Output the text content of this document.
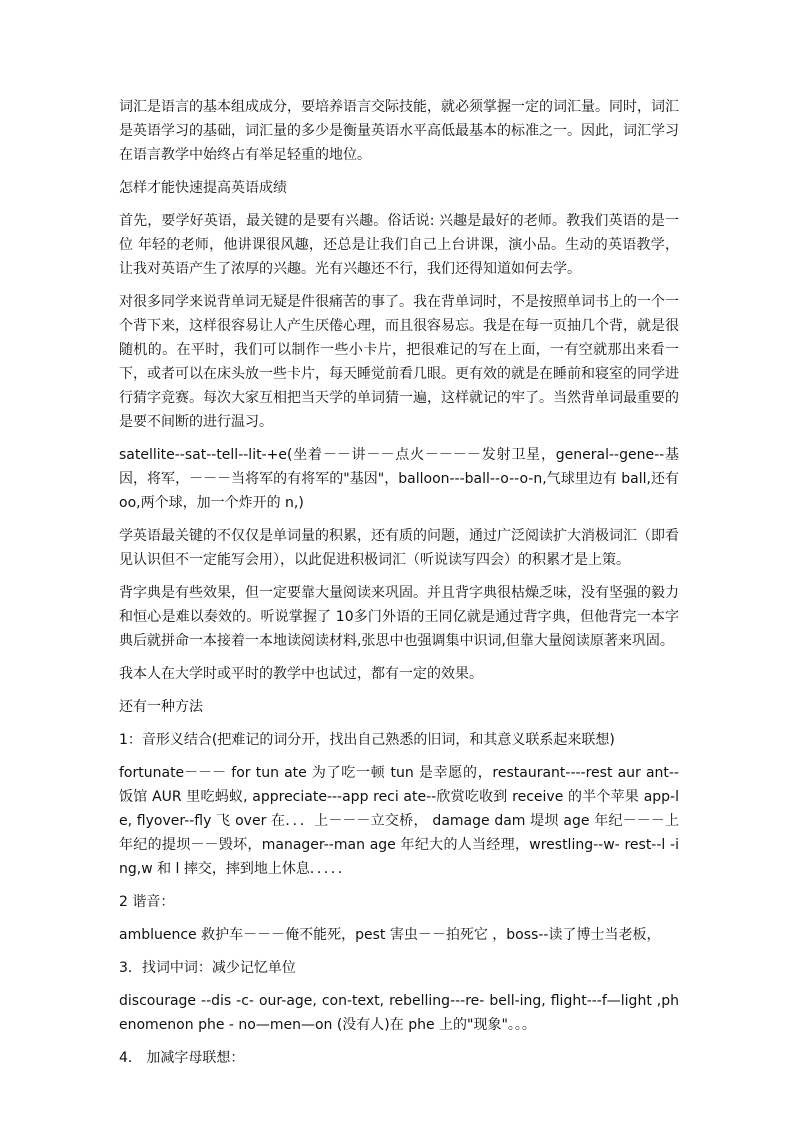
词汇是语言的基本组成成分，要培养语言交际技能，就必须掌握一定的词汇量。同时，词汇是英语学习的基础，词汇量的多少是衡量英语水平高低最基本的标准之一。因此，词汇学习在语言教学中始终占有举足轻重的地位。

怎样才能快速提高英语成绩

首先，要学好英语，最关键的是要有兴趣。俗话说: 兴趣是最好的老师。教我们英语的是一位 年轻的老师，他讲课很风趣，还总是让我们自己上台讲课，演小品。生动的英语教学，让我对英语产生了浓厚的兴趣。光有兴趣还不行，我们还得知道如何去学。

对很多同学来说背单词无疑是件很痛苦的事了。我在背单词时，不是按照单词书上的一个一个背下来，这样很容易让人产生厌倦心理，而且很容易忘。我是在每一页抽几个背，就是很随机的。在平时，我们可以制作一些小卡片，把很难记的写在上面，一有空就那出来看一下，或者可以在床头放一些卡片，每天睡觉前看几眼。更有效的就是在睡前和寝室的同学进行猜字竞赛。每次大家互相把当天学的单词猜一遍，这样就记的牢了。当然背单词最重要的是要不间断的进行温习。

satellite--sat--tell--lit-+e(坐着－－讲－－点火－－－－发射卫星，general--gene--基因，将军，－－－当将军的有将军的"基因"，balloon---ball--o--o-n,气球里边有 ball,还有 oo,两个球，加一个炸开的 n,)

学英语最关键的不仅仅是单词量的积累，还有质的问题，通过广泛阅读扩大消极词汇（即看见认识但不一定能写会用），以此促进积极词汇（听说读写四会）的积累才是上策。

背字典是有些效果，但一定要靠大量阅读来巩固。并且背字典很枯燥乏味，没有坚强的毅力和恒心是难以奏效的。听说掌握了 10多门外语的王同亿就是通过背字典，但他背完一本字典后就拼命一本接着一本地读阅读材料,张思中也强调集中识词,但靠大量阅读原著来巩固。

我本人在大学时或平时的教学中也试过，都有一定的效果。

还有一种方法

1：音形义结合(把难记的词分开，找出自己熟悉的旧词，和其意义联系起来联想)

fortunate－－－ for tun ate 为了吃一顿 tun 是幸愿的，restaurant----rest aur ant--饭馆 AUR 里吃蚂蚁, appreciate---app reci ate--欣赏吃收到 receive 的半个苹果 app-le, flyover--fly 飞 over 在．．．上－－－立交桥， damage dam 堤坝 age 年纪－－－上年纪的提坝－－毁坏，manager--man age 年纪大的人当经理，wrestling--w- rest--l -ing,w 和 l 摔交，摔到地上休息．．．．．

2 谐音：

ambluence 救护车－－－俺不能死，pest 害虫－－拍死它 ，boss--读了博士当老板，

3．找词中词：减少记忆单位

discourage --dis -c- our-age, con-text, rebelling---re- bell-ing, flight---f—light ,phenomenon phe - no—men—on (没有人)在 phe 上的"现象"。。。

4． 加减字母联想：
